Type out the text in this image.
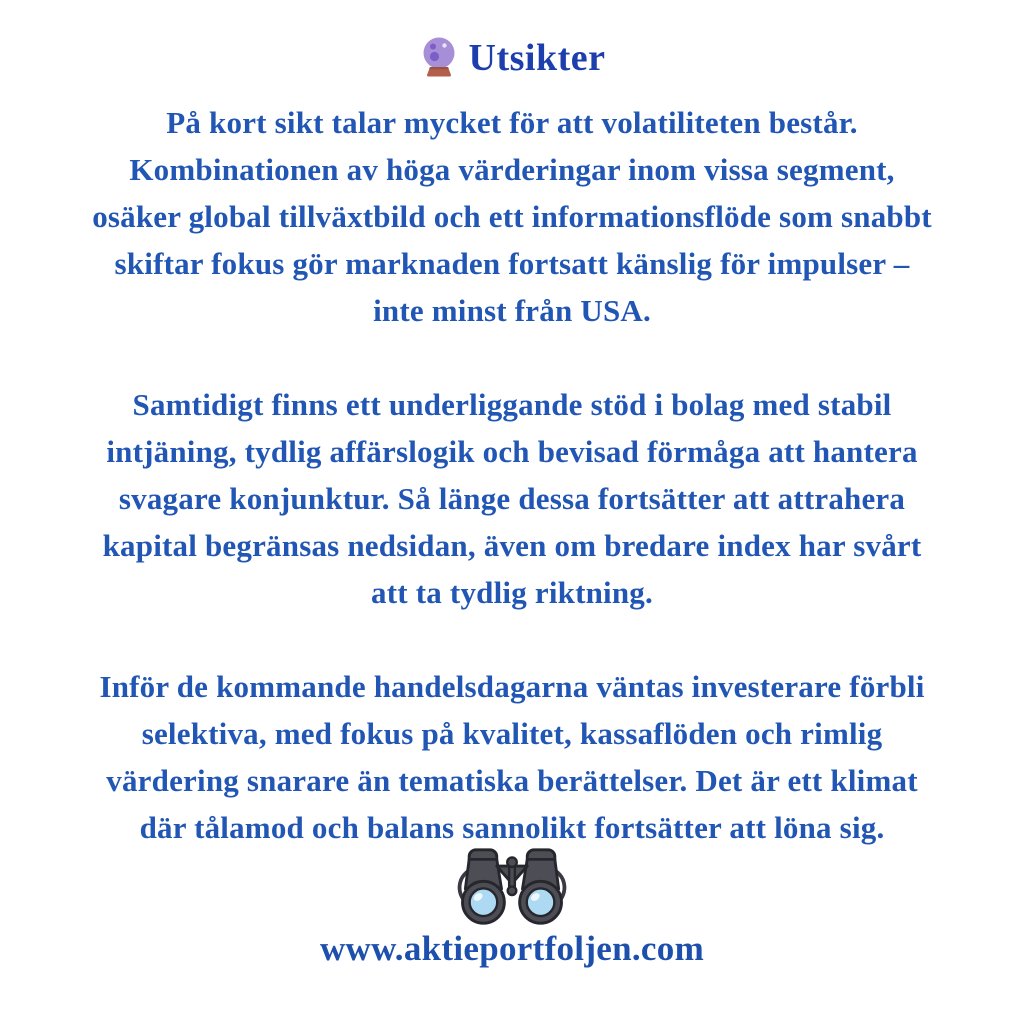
Utsikter
På kort sikt talar mycket för att volatiliteten består.
Kombinationen av höga värderingar inom vissa segment,
osäker global tillväxtbild och ett informationsflöde som snabbt
skiftar fokus gör marknaden fortsatt känslig för impulser –
inte minst från USA.
Samtidigt finns ett underliggande stöd i bolag med stabil
intjäning, tydlig affärslogik och bevisad förmåga att hantera
svagare konjunktur. Så länge dessa fortsätter att attrahera
kapital begränsas nedsidan, även om bredare index har svårt
att ta tydlig riktning.
Inför de kommande handelsdagarna väntas investerare förbli
selektiva, med fokus på kvalitet, kassaflöden och rimlig
värdering snarare än tematiska berättelser. Det är ett klimat
där tålamod och balans sannolikt fortsätter att löna sig.
www.aktieportfoljen.com
